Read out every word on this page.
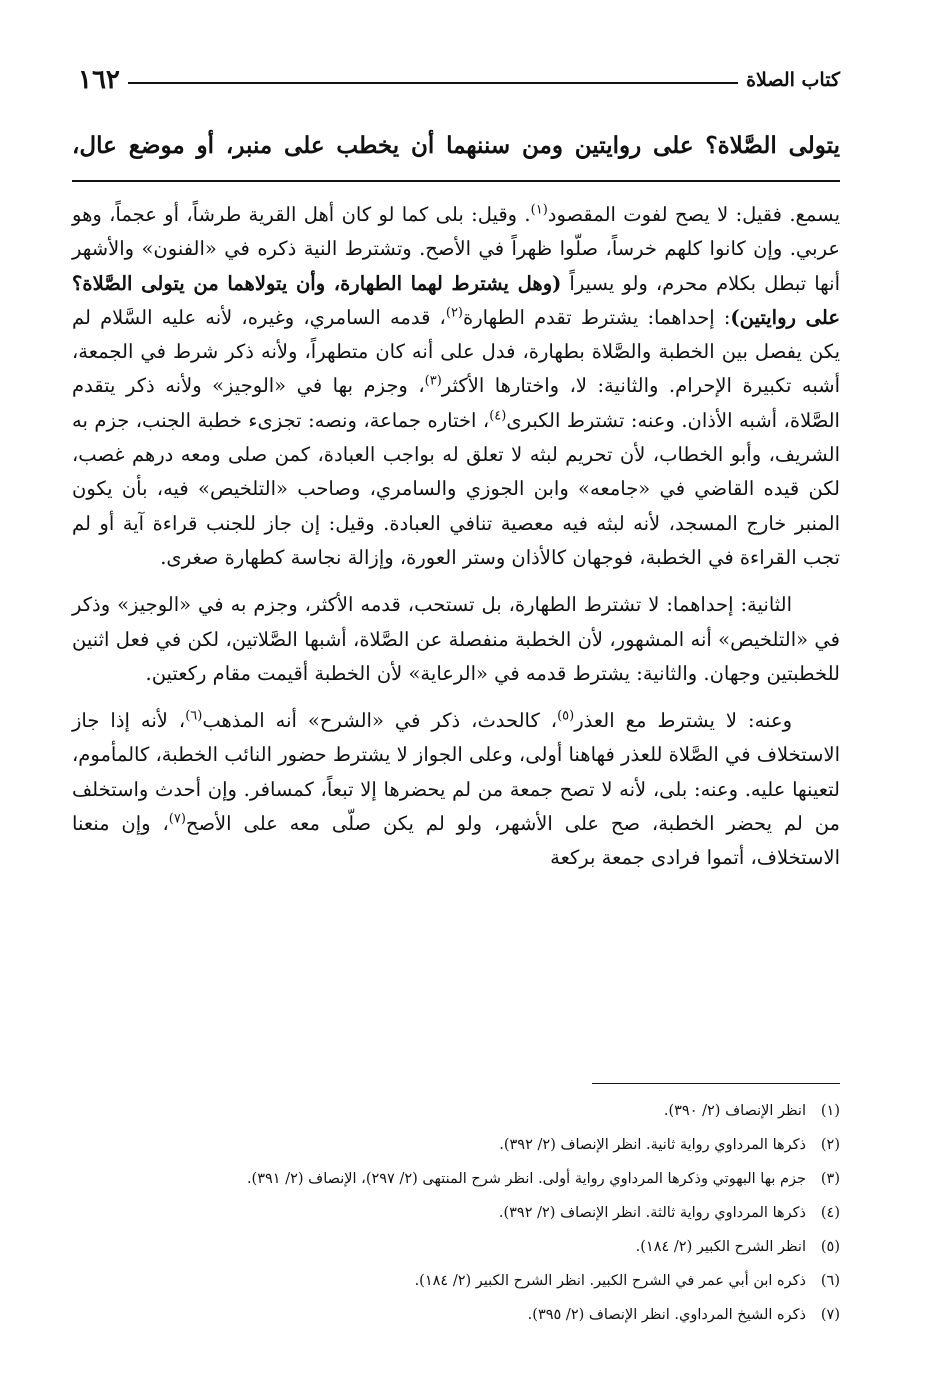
كتاب الصلاة
١٦٢
يتولى الصَّلاة؟ على روايتين ومن سننهما أن يخطب على منبر، أو موضع عال،

يسمع. فقيل: لا يصح لفوت المقصود$^{(١)}$. وقيل: بلى كما لو كان أهل القرية طرشاً، أو عجماً، وهو عربي. وإن كانوا كلهم خرساً، صلّوا ظهراً في الأصح. وتشترط النية ذكره في «الفنون» والأشهر أنها تبطل بكلام محرم، ولو يسيراً (وهل يشترط لهما الطهارة، وأن يتولاهما من يتولى الصَّلاة؟ على روايتين): إحداهما: يشترط تقدم الطهارة$^{(٢)}$، قدمه السامري، وغيره، لأنه عليه السَّلام لم يكن يفصل بين الخطبة والصَّلاة بطهارة، فدل على أنه كان متطهراً، ولأنه ذكر شرط في الجمعة، أشبه تكبيرة الإحرام. والثانية: لا، واختارها الأكثر$^{(٣)}$، وجزم بها في «الوجيز» ولأنه ذكر يتقدم الصَّلاة، أشبه الأذان. وعنه: تشترط الكبرى$^{(٤)}$، اختاره جماعة، ونصه: تجزىء خطبة الجنب، جزم به الشريف، وأبو الخطاب، لأن تحريم لبثه لا تعلق له بواجب العبادة، كمن صلى ومعه درهم غصب، لكن قيده القاضي في «جامعه» وابن الجوزي والسامري، وصاحب «التلخيص» فيه، بأن يكون المنبر خارج المسجد، لأنه لبثه فيه معصية تنافي العبادة. وقيل: إن جاز للجنب قراءة آية أو لم تجب القراءة في الخطبة، فوجهان كالأذان وستر العورة، وإزالة نجاسة كطهارة صغرى.

الثانية: إحداهما: لا تشترط الطهارة، بل تستحب، قدمه الأكثر، وجزم به في «الوجيز» وذكر في «التلخيص» أنه المشهور، لأن الخطبة منفصلة عن الصَّلاة، أشبها الصَّلاتين، لكن في فعل اثنين للخطبتين وجهان. والثانية: يشترط قدمه في «الرعاية» لأن الخطبة أقيمت مقام ركعتين.

وعنه: لا يشترط مع العذر$^{(٥)}$، كالحدث، ذكر في «الشرح» أنه المذهب$^{(٦)}$، لأنه إذا جاز الاستخلاف في الصَّلاة للعذر فهاهنا أولى، وعلى الجواز لا يشترط حضور النائب الخطبة، كالمأموم، لتعينها عليه. وعنه: بلى، لأنه لا تصح جمعة من لم يحضرها إلا تبعاً، كمسافر. وإن أحدث واستخلف من لم يحضر الخطبة، صح على الأشهر، ولو لم يكن صلّى معه على الأصح$^{(٧)}$، وإن منعنا الاستخلاف، أتموا فرادى جمعة بركعة

(١)
انظر الإنصاف (٢/ ٣٩٠).
(٢)
ذكرها المرداوي رواية ثانية. انظر الإنصاف (٢/ ٣٩٢).
(٣)
جزم بها البهوتي وذكرها المرداوي رواية أولى. انظر شرح المنتهى (٢/ ٢٩٧)، الإنصاف (٢/ ٣٩١).
(٤)
ذكرها المرداوي رواية ثالثة. انظر الإنصاف (٢/ ٣٩٢).
(٥)
انظر الشرح الكبير (٢/ ١٨٤).
(٦)
ذكره ابن أبي عمر في الشرح الكبير. انظر الشرح الكبير (٢/ ١٨٤).
(٧)
ذكره الشيخ المرداوي. انظر الإنصاف (٢/ ٣٩٥).
